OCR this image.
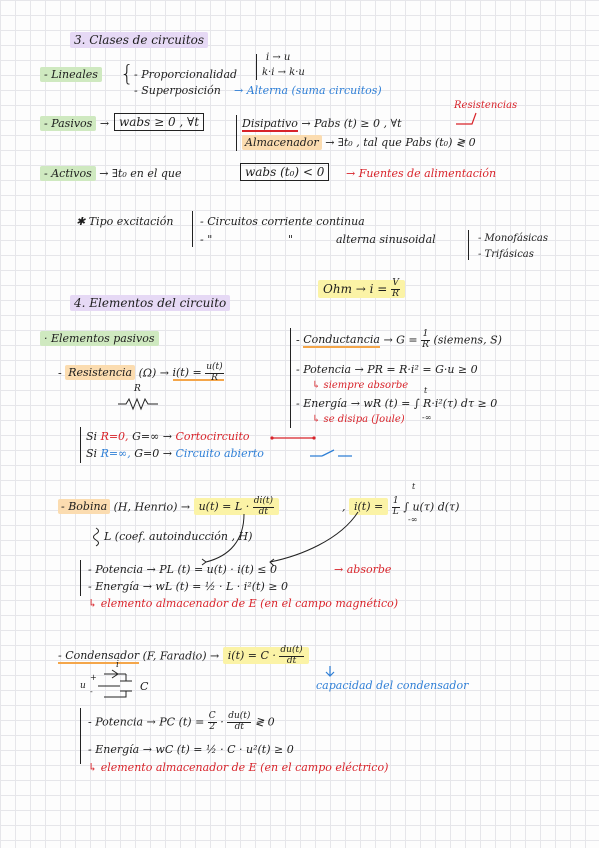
3. Clases de circuitos
- Lineales { - Proporcionalidad
i → u
k·i → k·u
- Superposición → Alterna (suma circuitos)
- Pasivos → wabs ≥ 0 , ∀t
Resistencias
Disipativo → Pabs (t) ≥ 0 , ∀t
Almacenador → ∃t₀ , tal que Pabs (t₀) ≷ 0
- Activos → ∃t₀ en el que	wabs (t₀) < 0	→ Fuentes de alimentación
✱ Tipo excitación - Circuitos corriente continua
- "	"	alterna sinusoidal	- Monofásicas
- Trifásicas
Ohm → $i = \frac{V}{R}$
4. Elementos del circuito
· Elementos pasivos	- Conductancia → $G = \frac{1}{R}$ (siemens, S)
- Resistencia $(\Omega) \to i(t) = \frac{u(t)}{R}$
R
- Potencia → PR = R·i² = G·u ≥ 0
↳ siempre absorbe
- Energía → wR (t) = ∫ R·i²(τ) dτ ≥ 0
t
-∞
↳ se disipa (Joule)
Si R=0, G=∞ → Cortocircuito
Si R=∞, G=0 → Circuito abierto
- Bobina (H, Henrio) → $u(t) = L \cdot \frac{di(t)}{dt}$	, $i(t) = \frac{1}{L}$ ∫ u(τ) d(τ)
t
-∞
L (coef. autoinducción , H)
- Potencia → PL (t) = u(t) · i(t) ≤ 0	→ absorbe
- Energía → wL (t) = ½ · L · i²(t) ≥ 0
↳ elemento almacenador de E (en el campo magnético)
- Condensador (F, Faradio) → $i(t) = C \cdot \frac{du(t)}{dt}$
capacidad del condensador
i
u
+
-	C
- Potencia → PC $(t) = \frac{C}{2} \cdot \frac{du(t)}{dt}$ ≷ 0
- Energía → wC (t) = ½ · C · u²(t) ≥ 0
↳ elemento almacenador de E (en el campo eléctrico)
